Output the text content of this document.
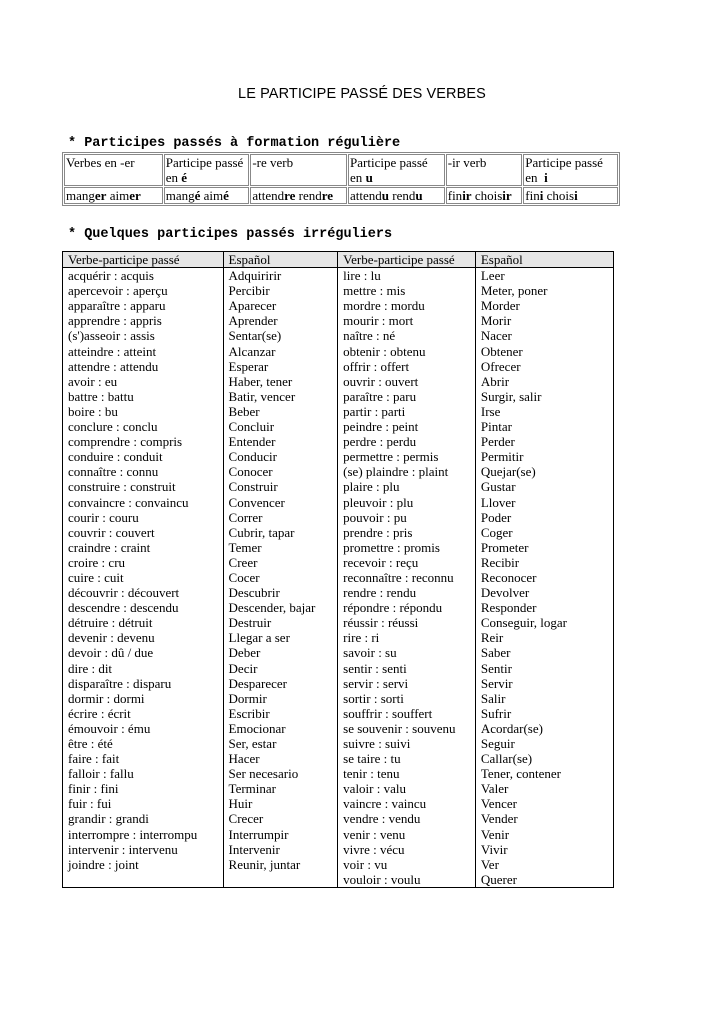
LE PARTICIPE PASSÉ DES VERBES
* Participes passés à formation régulière
Verbes en -er	Participe passé en é	-re verb	Participe passé en u	-ir verb	Participe passé en i
manger aimer	mangé aimé	attendre rendre	attendu rendu	finir choisir	fini choisi
* Quelques participes passés irréguliers
Verbe-participe passé	Español	Verbe-participe passé	Español
acquérir : acquis	Adquiririr	lire : lu	Leer
apercevoir : aperçu	Percibir	mettre : mis	Meter, poner
apparaître : apparu	Aparecer	mordre : mordu	Morder
apprendre : appris	Aprender	mourir : mort	Morir
(s')asseoir : assis	Sentar(se)	naître : né	Nacer
atteindre : atteint	Alcanzar	obtenir : obtenu	Obtener
attendre : attendu	Esperar	offrir : offert	Ofrecer
avoir : eu	Haber, tener	ouvrir : ouvert	Abrir
battre : battu	Batir, vencer	paraître : paru	Surgir, salir
boire : bu	Beber	partir : parti	Irse
conclure : conclu	Concluir	peindre : peint	Pintar
comprendre : compris	Entender	perdre : perdu	Perder
conduire : conduit	Conducir	permettre : permis	Permitir
connaître : connu	Conocer	(se) plaindre : plaint	Quejar(se)
construire : construit	Construir	plaire : plu	Gustar
convaincre : convaincu	Convencer	pleuvoir : plu	Llover
courir : couru	Correr	pouvoir : pu	Poder
couvrir : couvert	Cubrir, tapar	prendre : pris	Coger
craindre : craint	Temer	promettre : promis	Prometer
croire : cru	Creer	recevoir : reçu	Recibir
cuire : cuit	Cocer	reconnaître : reconnu	Reconocer
découvrir : découvert	Descubrir	rendre : rendu	Devolver
descendre : descendu	Descender, bajar	répondre : répondu	Responder
détruire : détruit	Destruir	réussir : réussi	Conseguir, logar
devenir : devenu	Llegar a ser	rire : ri	Reir
devoir : dû / due	Deber	savoir : su	Saber
dire : dit	Decir	sentir : senti	Sentir
disparaître : disparu	Desparecer	servir : servi	Servir
dormir : dormi	Dormir	sortir : sorti	Salir
écrire : écrit	Escribir	souffrir : souffert	Sufrir
émouvoir : ému	Emocionar	se souvenir : souvenu	Acordar(se)
être : été	Ser, estar	suivre : suivi	Seguir
faire : fait	Hacer	se taire : tu	Callar(se)
falloir : fallu	Ser necesario	tenir : tenu	Tener, contener
finir : fini	Terminar	valoir : valu	Valer
fuir : fui	Huir	vaincre : vaincu	Vencer
grandir : grandi	Crecer	vendre : vendu	Vender
interrompre : interrompu	Interrumpir	venir : venu	Venir
intervenir : intervenu	Intervenir	vivre : vécu	Vivir
joindre : joint	Reunir, juntar	voir : vu	Ver
		vouloir : voulu	Querer
